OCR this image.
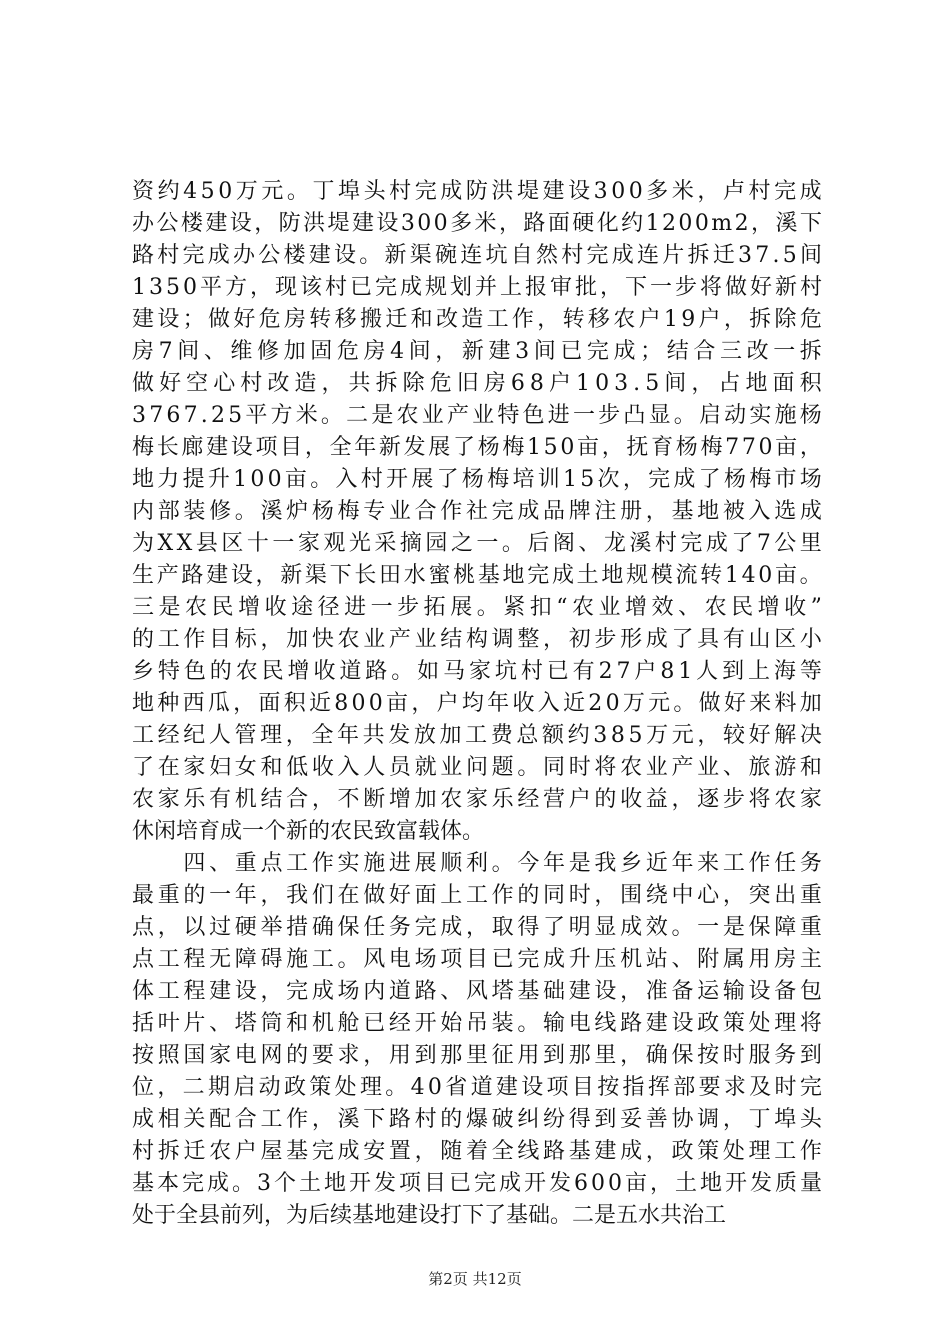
资 约 4 5 0 万 元 。 丁 埠 头 村 完 成 防 洪 堤 建 设 3 0 0 多 米 ， 卢 村 完 成
办 公 楼 建 设 ， 防 洪 堤 建 设 3 0 0 多 米 ， 路 面 硬 化 约 1 2 0 0 m 2 ， 溪 下
路 村 完 成 办 公 楼 建 设 。 新 渠 碗 连 坑 自 然 村 完 成 连 片 拆 迁 3 7 . 5 间
1 3 5 0 平 方 ， 现 该 村 已 完 成 规 划 并 上 报 审 批 ， 下 一 步 将 做 好 新 村
建 设 ； 做 好 危 房 转 移 搬 迁 和 改 造 工 作 ， 转 移 农 户 1 9 户 ， 拆 除 危
房 7 间 、 维 修 加 固 危 房 4 间 ， 新 建 3 间 已 完 成 ； 结 合 三 改 一 拆
做 好 空 心 村 改 造 ， 共 拆 除 危 旧 房 6 8 户 1 0 3 . 5 间 ， 占 地 面 积
3 7 6 7 . 2 5 平 方 米 。 二 是 农 业 产 业 特 色 进 一 步 凸 显 。 启 动 实 施 杨
梅 长 廊 建 设 项 目 ， 全 年 新 发 展 了 杨 梅 1 5 0 亩 ， 抚 育 杨 梅 7 7 0 亩 ，
地 力 提 升 1 0 0 亩 。 入 村 开 展 了 杨 梅 培 训 1 5 次 ， 完 成 了 杨 梅 市 场
内 部 装 修 。 溪 炉 杨 梅 专 业 合 作 社 完 成 品 牌 注 册 ， 基 地 被 入 选 成
为 X X 县 区 十 一 家 观 光 采 摘 园 之 一 。 后 阁 、 龙 溪 村 完 成 了 7 公 里
生 产 路 建 设 ， 新 渠 下 长 田 水 蜜 桃 基 地 完 成 土 地 规 模 流 转 1 4 0 亩 。
三 是 农 民 增 收 途 径 进 一 步 拓 展 。 紧 扣 “ 农 业 增 效 、 农 民 增 收 ”
的 工 作 目 标 ， 加 快 农 业 产 业 结 构 调 整 ， 初 步 形 成 了 具 有 山 区 小
乡 特 色 的 农 民 增 收 道 路 。 如 马 家 坑 村 已 有 2 7 户 8 1 人 到 上 海 等
地 种 西 瓜 ， 面 积 近 8 0 0 亩 ， 户 均 年 收 入 近 2 0 万 元 。 做 好 来 料 加
工 经 纪 人 管 理 ， 全 年 共 发 放 加 工 费 总 额 约 3 8 5 万 元 ， 较 好 解 决
了 在 家 妇 女 和 低 收 入 人 员 就 业 问 题 。 同 时 将 农 业 产 业 、 旅 游 和
农 家 乐 有 机 结 合 ， 不 断 增 加 农 家 乐 经 营 户 的 收 益 ， 逐 步 将 农 家
休闲培育成一个新的农民致富载体。

四 、 重 点 工 作 实 施 进 展 顺 利 。 今 年 是 我 乡 近 年 来 工 作 任 务
最 重 的 一 年 ， 我 们 在 做 好 面 上 工 作 的 同 时 ， 围 绕 中 心 ， 突 出 重
点 ， 以 过 硬 举 措 确 保 任 务 完 成 ， 取 得 了 明 显 成 效 。 一 是 保 障 重
点 工 程 无 障 碍 施 工 。 风 电 场 项 目 已 完 成 升 压 机 站 、 附 属 用 房 主
体 工 程 建 设 ， 完 成 场 内 道 路 、 风 塔 基 础 建 设 ， 准 备 运 输 设 备 包
括 叶 片 、 塔 筒 和 机 舱 已 经 开 始 吊 装 。 输 电 线 路 建 设 政 策 处 理 将
按 照 国 家 电 网 的 要 求 ， 用 到 那 里 征 用 到 那 里 ， 确 保 按 时 服 务 到
位 ， 二 期 启 动 政 策 处 理 。 4 0 省 道 建 设 项 目 按 指 挥 部 要 求 及 时 完
成 相 关 配 合 工 作 ， 溪 下 路 村 的 爆 破 纠 纷 得 到 妥 善 协 调 ， 丁 埠 头
村 拆 迁 农 户 屋 基 完 成 安 置 ， 随 着 全 线 路 基 建 成 ， 政 策 处 理 工 作
基 本 完 成 。 3 个 土 地 开 发 项 目 已 完 成 开 发 6 0 0 亩 ， 土 地 开 发 质 量
处于全县前列，为后续基地建设打下了基础。二是五水共治工
第2页 共12页
